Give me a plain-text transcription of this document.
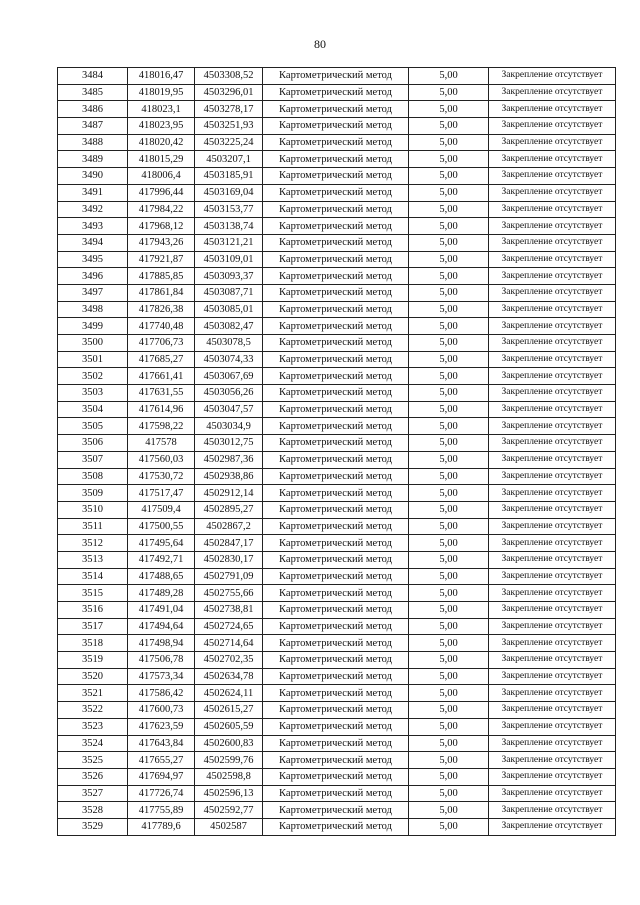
80
3484	418016,47	4503308,52	Картометрический метод	5,00	Закрепление отсутствует
3485	418019,95	4503296,01	Картометрический метод	5,00	Закрепление отсутствует
3486	418023,1	4503278,17	Картометрический метод	5,00	Закрепление отсутствует
3487	418023,95	4503251,93	Картометрический метод	5,00	Закрепление отсутствует
3488	418020,42	4503225,24	Картометрический метод	5,00	Закрепление отсутствует
3489	418015,29	4503207,1	Картометрический метод	5,00	Закрепление отсутствует
3490	418006,4	4503185,91	Картометрический метод	5,00	Закрепление отсутствует
3491	417996,44	4503169,04	Картометрический метод	5,00	Закрепление отсутствует
3492	417984,22	4503153,77	Картометрический метод	5,00	Закрепление отсутствует
3493	417968,12	4503138,74	Картометрический метод	5,00	Закрепление отсутствует
3494	417943,26	4503121,21	Картометрический метод	5,00	Закрепление отсутствует
3495	417921,87	4503109,01	Картометрический метод	5,00	Закрепление отсутствует
3496	417885,85	4503093,37	Картометрический метод	5,00	Закрепление отсутствует
3497	417861,84	4503087,71	Картометрический метод	5,00	Закрепление отсутствует
3498	417826,38	4503085,01	Картометрический метод	5,00	Закрепление отсутствует
3499	417740,48	4503082,47	Картометрический метод	5,00	Закрепление отсутствует
3500	417706,73	4503078,5	Картометрический метод	5,00	Закрепление отсутствует
3501	417685,27	4503074,33	Картометрический метод	5,00	Закрепление отсутствует
3502	417661,41	4503067,69	Картометрический метод	5,00	Закрепление отсутствует
3503	417631,55	4503056,26	Картометрический метод	5,00	Закрепление отсутствует
3504	417614,96	4503047,57	Картометрический метод	5,00	Закрепление отсутствует
3505	417598,22	4503034,9	Картометрический метод	5,00	Закрепление отсутствует
3506	417578	4503012,75	Картометрический метод	5,00	Закрепление отсутствует
3507	417560,03	4502987,36	Картометрический метод	5,00	Закрепление отсутствует
3508	417530,72	4502938,86	Картометрический метод	5,00	Закрепление отсутствует
3509	417517,47	4502912,14	Картометрический метод	5,00	Закрепление отсутствует
3510	417509,4	4502895,27	Картометрический метод	5,00	Закрепление отсутствует
3511	417500,55	4502867,2	Картометрический метод	5,00	Закрепление отсутствует
3512	417495,64	4502847,17	Картометрический метод	5,00	Закрепление отсутствует
3513	417492,71	4502830,17	Картометрический метод	5,00	Закрепление отсутствует
3514	417488,65	4502791,09	Картометрический метод	5,00	Закрепление отсутствует
3515	417489,28	4502755,66	Картометрический метод	5,00	Закрепление отсутствует
3516	417491,04	4502738,81	Картометрический метод	5,00	Закрепление отсутствует
3517	417494,64	4502724,65	Картометрический метод	5,00	Закрепление отсутствует
3518	417498,94	4502714,64	Картометрический метод	5,00	Закрепление отсутствует
3519	417506,78	4502702,35	Картометрический метод	5,00	Закрепление отсутствует
3520	417573,34	4502634,78	Картометрический метод	5,00	Закрепление отсутствует
3521	417586,42	4502624,11	Картометрический метод	5,00	Закрепление отсутствует
3522	417600,73	4502615,27	Картометрический метод	5,00	Закрепление отсутствует
3523	417623,59	4502605,59	Картометрический метод	5,00	Закрепление отсутствует
3524	417643,84	4502600,83	Картометрический метод	5,00	Закрепление отсутствует
3525	417655,27	4502599,76	Картометрический метод	5,00	Закрепление отсутствует
3526	417694,97	4502598,8	Картометрический метод	5,00	Закрепление отсутствует
3527	417726,74	4502596,13	Картометрический метод	5,00	Закрепление отсутствует
3528	417755,89	4502592,77	Картометрический метод	5,00	Закрепление отсутствует
3529	417789,6	4502587	Картометрический метод	5,00	Закрепление отсутствует
